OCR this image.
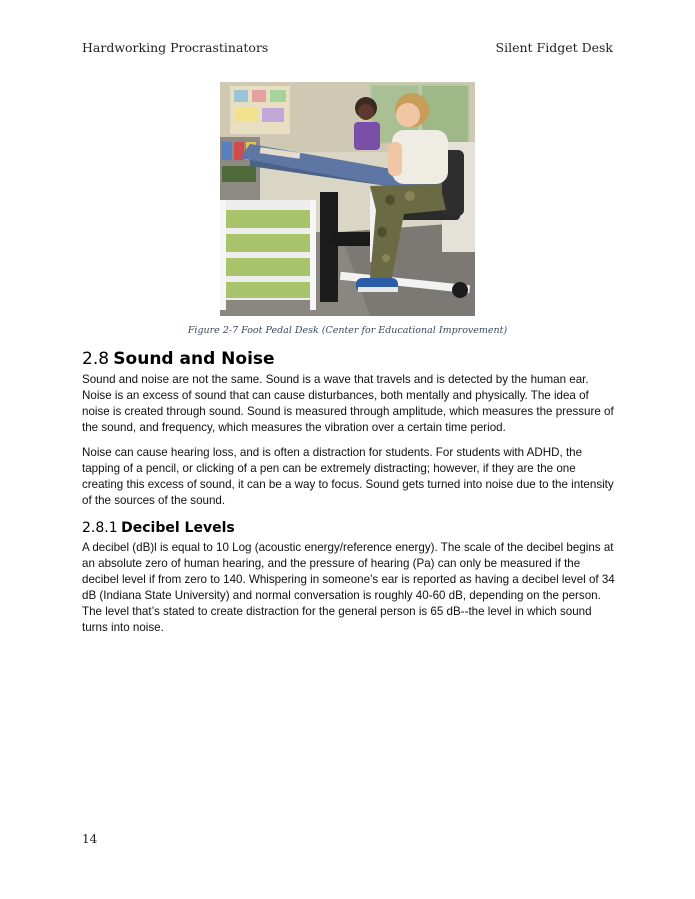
Hardworking Procrastinators	Silent Fidget Desk
Figure 2-7 Foot Pedal Desk (Center for Educational Improvement)
2.8 Sound and Noise

Sound and noise are not the same. Sound is a wave that travels and is detected by the human ear. Noise is an excess of sound that can cause disturbances, both mentally and physically. The idea of noise is created through sound. Sound is measured through amplitude, which measures the pressure of the sound, and frequency, which measures the vibration over a certain time period.

Noise can cause hearing loss, and is often a distraction for students. For students with ADHD, the tapping of a pencil, or clicking of a pen can be extremely distracting; however, if they are the one creating this excess of sound, it can be a way to focus. Sound gets turned into noise due to the intensity of the sources of the sound.

2.8.1 Decibel Levels

A decibel (dB)l is equal to 10 Log (acoustic energy/reference energy). The scale of the decibel begins at an absolute zero of human hearing, and the pressure of hearing (Pa) can only be measured if the decibel level if from zero to 140. Whispering in someone’s ear is reported as having a decibel level of 34 dB (Indiana State University) and normal conversation is roughly 40-60 dB, depending on the person. The level that’s stated to create distraction for the general person is 65 dB--the level in which sound turns into noise.

14
